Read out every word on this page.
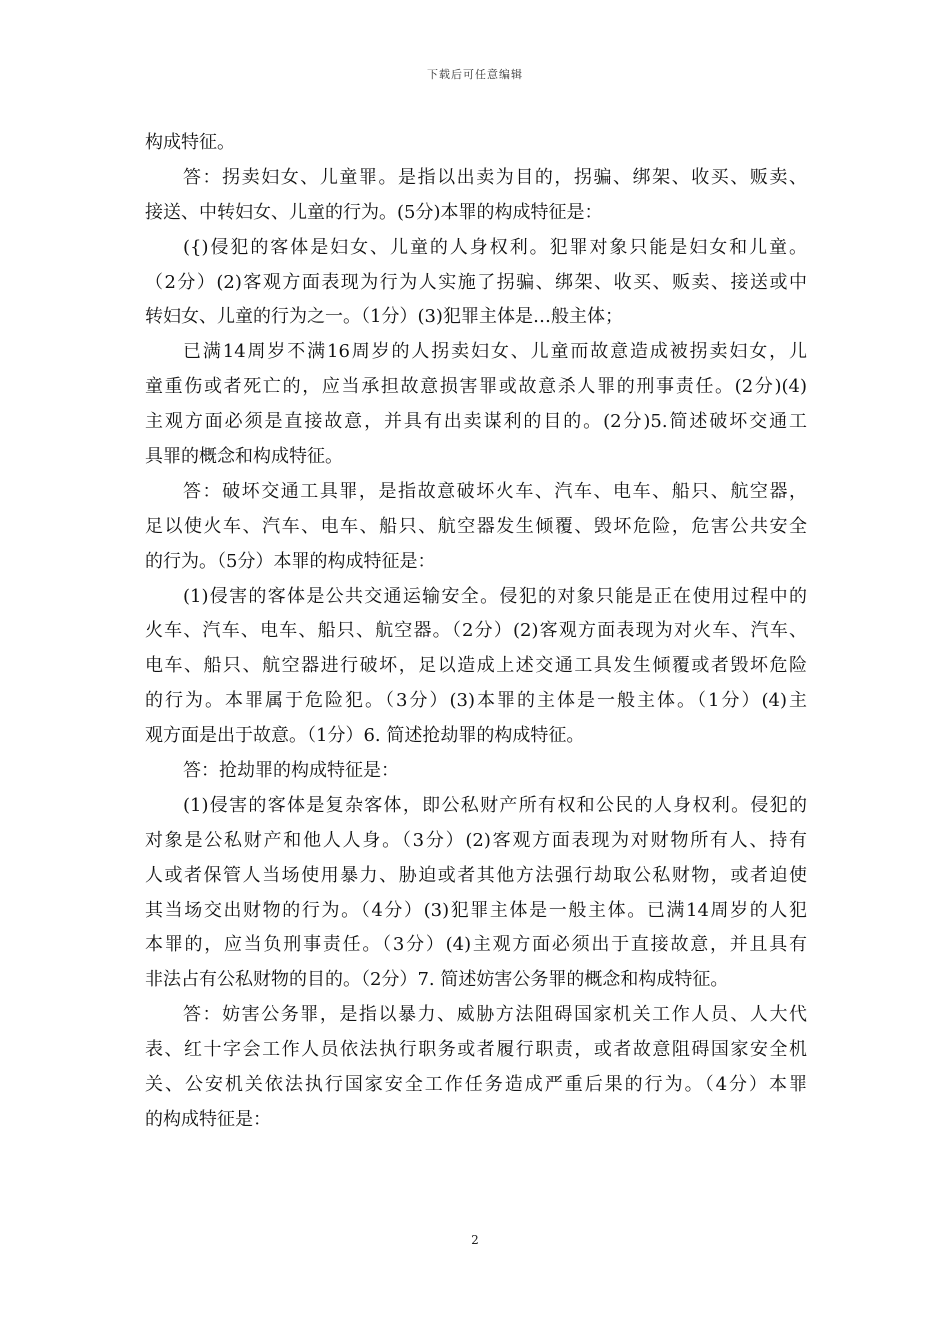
下载后可任意编辑
构成特征。
答：拐卖妇女、儿童罪。是指以出卖为目的，拐骗、绑架、收买、贩卖、
接送、中转妇女、儿童的行为。(5分)本罪的构成特征是：
({)侵犯的客体是妇女、儿童的人身权利。犯罪对象只能是妇女和儿童。
（2分）(2)客观方面表现为行为人实施了拐骗、绑架、收买、贩卖、接送或中
转妇女、儿童的行为之一。（1分）(3)犯罪主体是…般主体；
已满14周岁不满16周岁的人拐卖妇女、儿童而故意造成被拐卖妇女，儿
童重伤或者死亡的，应当承担故意损害罪或故意杀人罪的刑事责任。(2分)(4)
主观方面必须是直接故意，并具有出卖谋利的目的。(2分)5.简述破坏交通工
具罪的概念和构成特征。
答：破坏交通工具罪，是指故意破坏火车、汽车、电车、船只、航空器，
足以使火车、汽车、电车、船只、航空器发生倾覆、毁坏危险，危害公共安全
的行为。（5分）本罪的构成特征是：
(1)侵害的客体是公共交通运输安全。侵犯的对象只能是正在使用过程中的
火车、汽车、电车、船只、航空器。（2分）(2)客观方面表现为对火车、汽车、
电车、船只、航空器进行破坏，足以造成上述交通工具发生倾覆或者毁坏危险
的行为。本罪属于危险犯。（3分）(3)本罪的主体是一般主体。（1分）(4)主
观方面是出于故意。（1分）6. 简述抢劫罪的构成特征。
答：抢劫罪的构成特征是：
(1)侵害的客体是复杂客体，即公私财产所有权和公民的人身权利。侵犯的
对象是公私财产和他人人身。（3分）(2)客观方面表现为对财物所有人、持有
人或者保管人当场使用暴力、胁迫或者其他方法强行劫取公私财物，或者迫使
其当场交出财物的行为。（4分）(3)犯罪主体是一般主体。已满14周岁的人犯
本罪的，应当负刑事责任。（3分）(4)主观方面必须出于直接故意，并且具有
非法占有公私财物的目的。（2分）7. 简述妨害公务罪的概念和构成特征。
答：妨害公务罪，是指以暴力、威胁方法阻碍国家机关工作人员、人大代
表、红十字会工作人员依法执行职务或者履行职责，或者故意阻碍国家安全机
关、公安机关依法执行国家安全工作任务造成严重后果的行为。（4分）本罪
的构成特征是：
2
